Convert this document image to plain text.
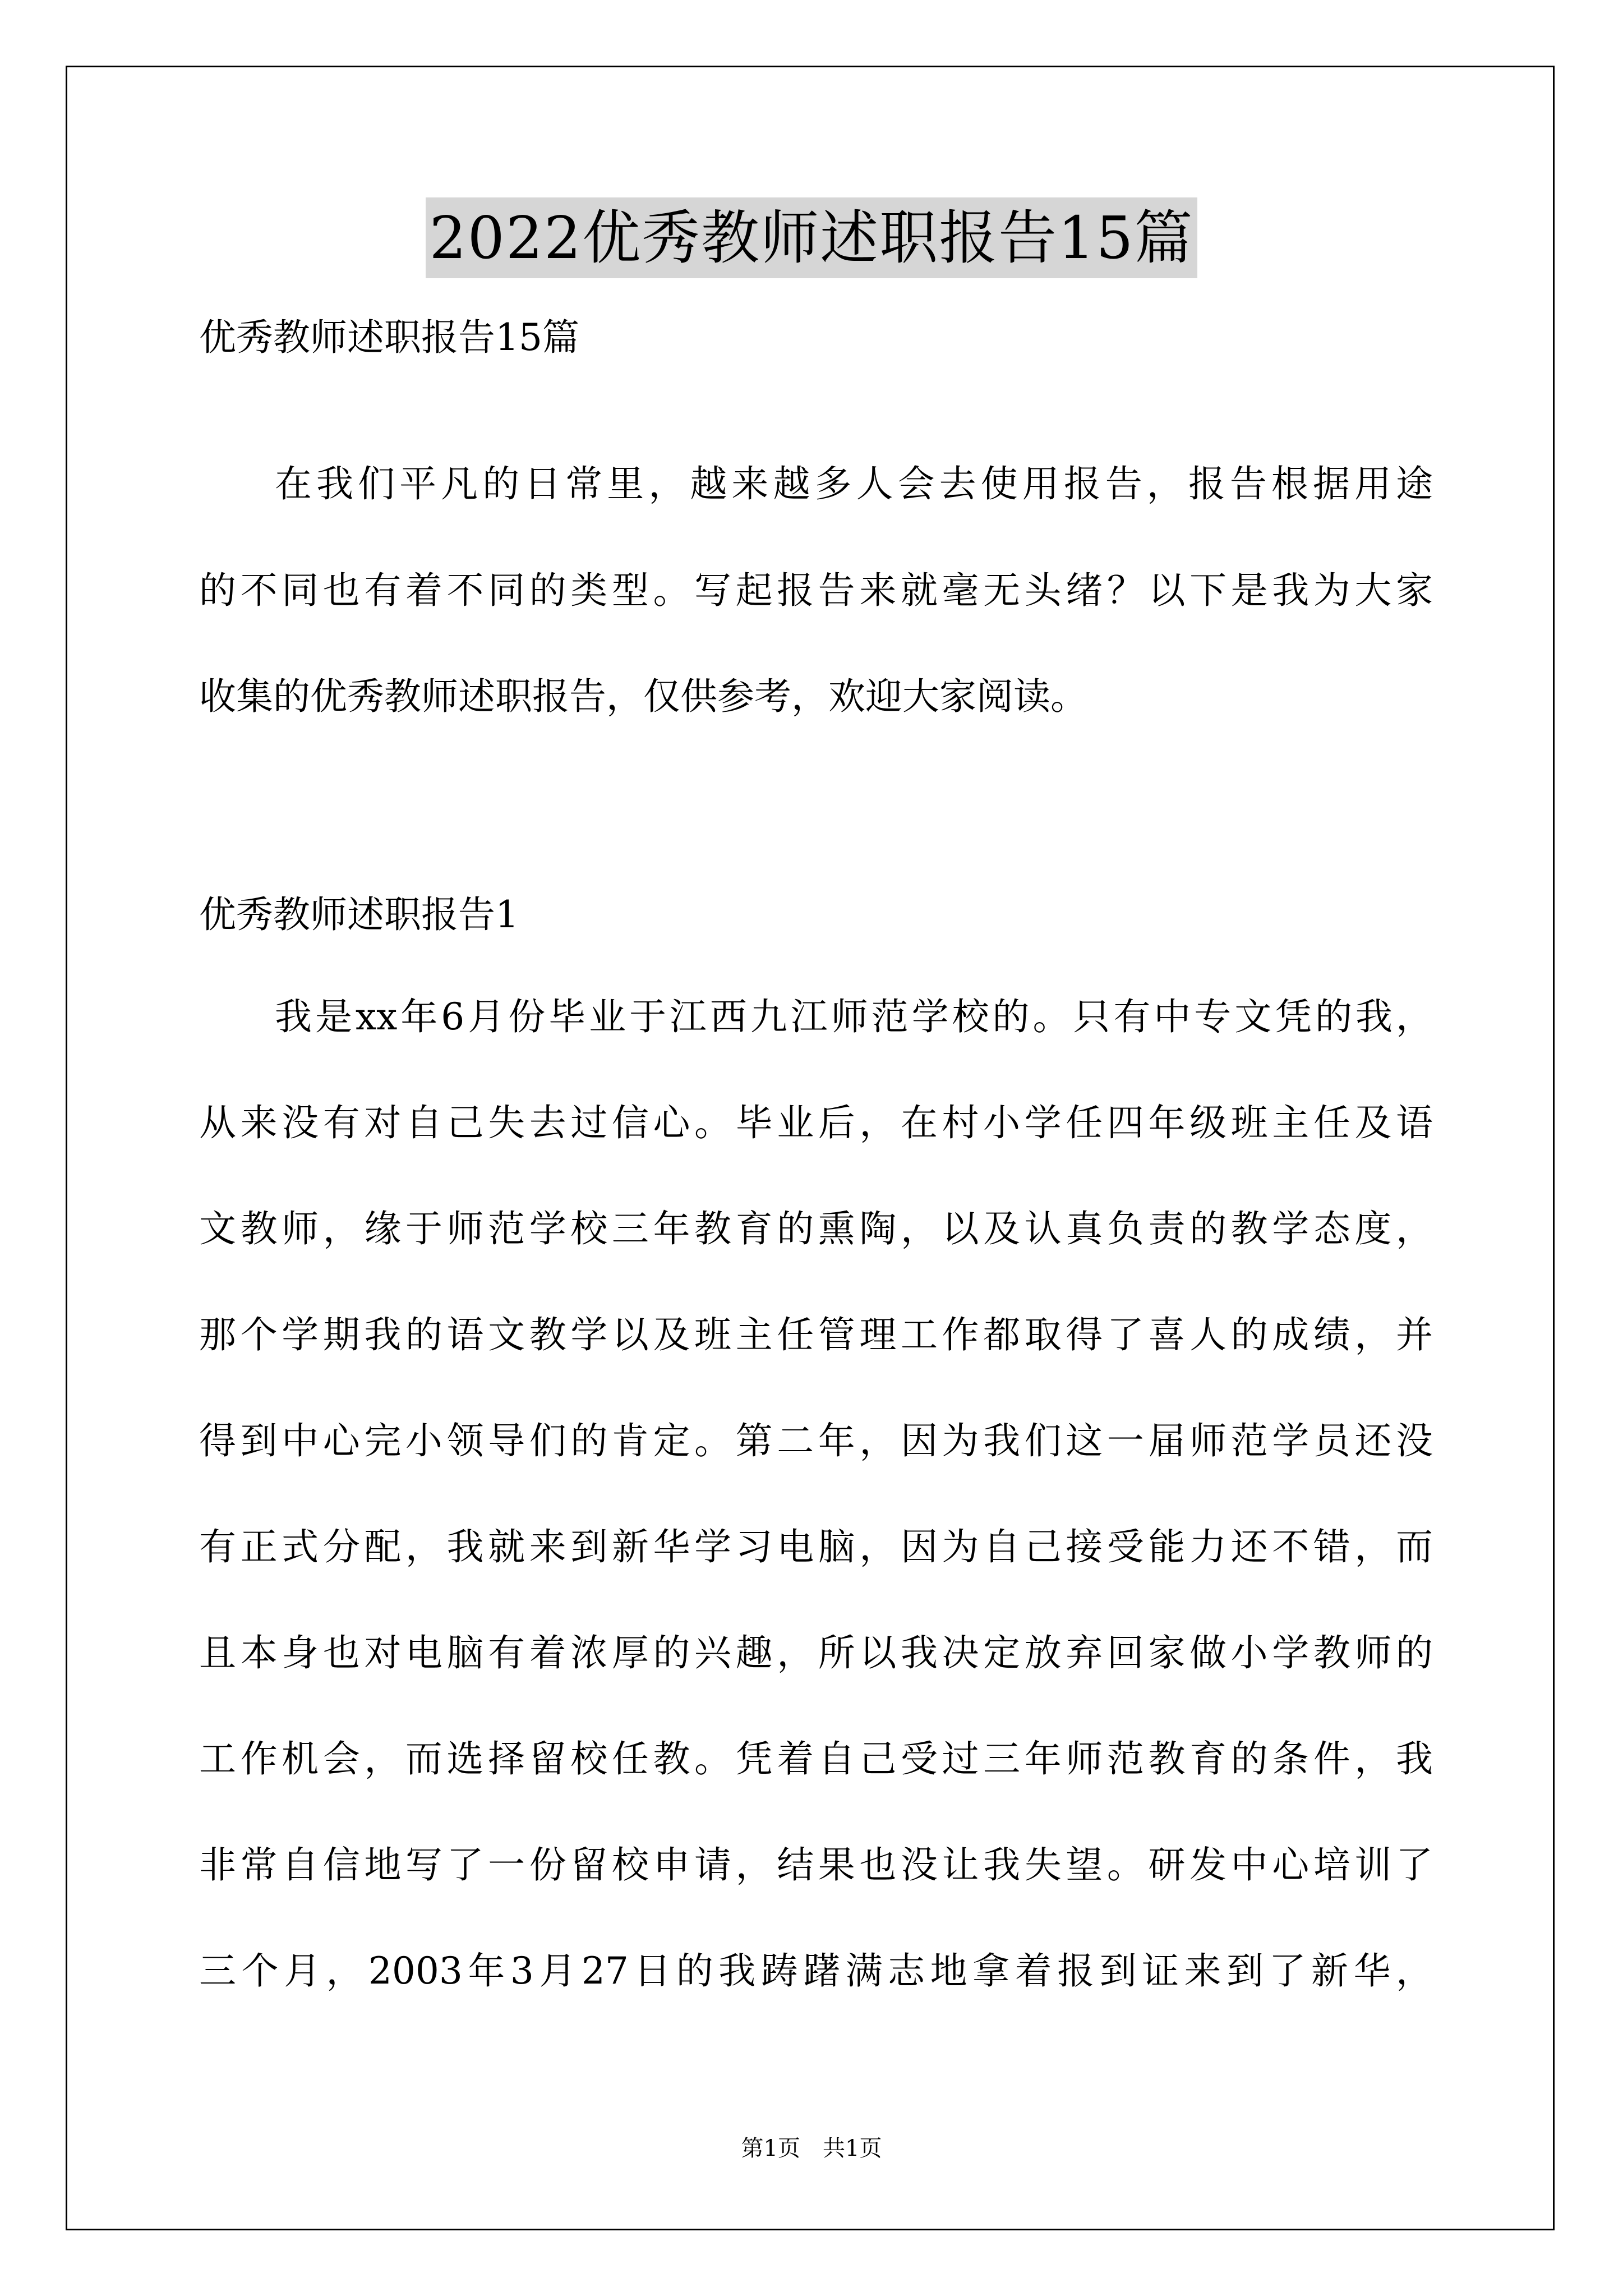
2022优秀教师述职报告15篇
优秀教师述职报告15篇
在我们平凡的日常里，越来越多人会去使用报告，报告根据用途
的不同也有着不同的类型。写起报告来就毫无头绪？以下是我为大家
收集的优秀教师述职报告，仅供参考，欢迎大家阅读。
优秀教师述职报告1
我是xx年6月份毕业于江西九江师范学校的。只有中专文凭的我，
从来没有对自己失去过信心。毕业后，在村小学任四年级班主任及语
文教师，缘于师范学校三年教育的熏陶，以及认真负责的教学态度，
那个学期我的语文教学以及班主任管理工作都取得了喜人的成绩，并
得到中心完小领导们的肯定。第二年，因为我们这一届师范学员还没
有正式分配，我就来到新华学习电脑，因为自己接受能力还不错，而
且本身也对电脑有着浓厚的兴趣，所以我决定放弃回家做小学教师的
工作机会，而选择留校任教。凭着自己受过三年师范教育的条件，我
非常自信地写了一份留校申请，结果也没让我失望。研发中心培训了
三个月，2003年3月27日的我踌躇满志地拿着报到证来到了新华，
第1页　共1页
